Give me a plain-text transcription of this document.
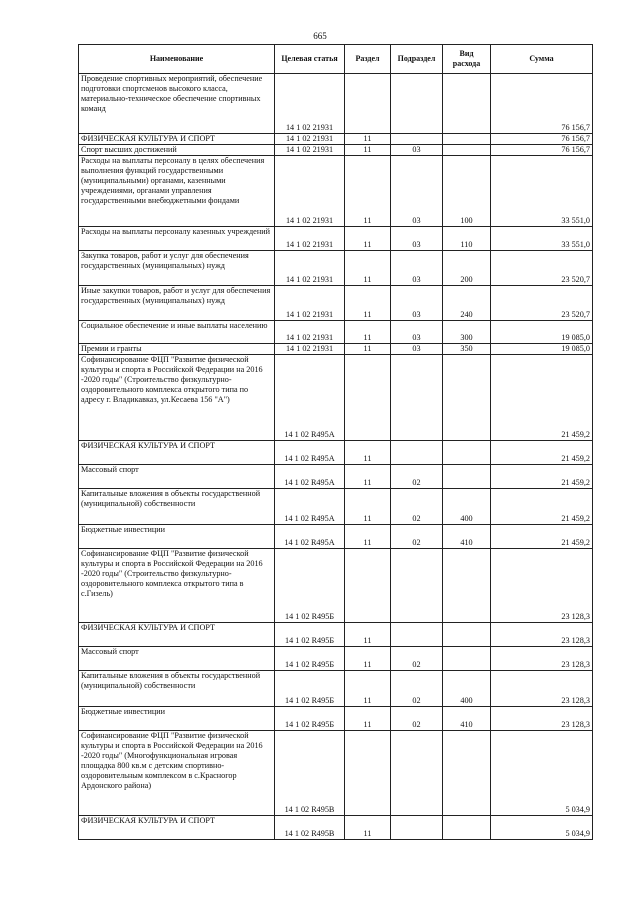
665
Наименование	Целевая статья	Раздел	Подраздел	Вид расхода	Сумма
Проведение спортивных мероприятий, обеспечение подготовки спортсменов высокого класса, материально-техническое обеспечение спортивных команд	14 1 02 21931				76 156,7
ФИЗИЧЕСКАЯ КУЛЬТУРА И СПОРТ	14 1 02 21931	11			76 156,7
Спорт высших достижений	14 1 02 21931	11	03		76 156,7
Расходы на выплаты персоналу в целях обеспечения выполнения функций государственными (муниципальными) органами, казенными учреждениями, органами управления государственными внебюджетными фондами	14 1 02 21931	11	03	100	33 551,0
Расходы на выплаты персоналу казенных учреждений	14 1 02 21931	11	03	110	33 551,0
Закупка товаров, работ и услуг для обеспечения государственных (муниципальных) нужд	14 1 02 21931	11	03	200	23 520,7
Иные закупки товаров, работ и услуг для обеспечения государственных (муниципальных) нужд	14 1 02 21931	11	03	240	23 520,7
Социальное обеспечение и иные выплаты населению	14 1 02 21931	11	03	300	19 085,0
Премии и гранты	14 1 02 21931	11	03	350	19 085,0
Софинансирование ФЦП "Развитие физической культуры и спорта в Российской Федерации на 2016 -2020 годы" (Строительство физкультурно-оздоровительного комплекса открытого типа по адресу г. Владикавказ, ул.Кесаева 156 "А")	14 1 02 R495A				21 459,2
ФИЗИЧЕСКАЯ КУЛЬТУРА И СПОРТ	14 1 02 R495A	11			21 459,2
Массовый спорт	14 1 02 R495A	11	02		21 459,2
Капитальные вложения в объекты государственной (муниципальной) собственности	14 1 02 R495A	11	02	400	21 459,2
Бюджетные инвестиции	14 1 02 R495A	11	02	410	21 459,2
Софинансирование ФЦП "Развитие физической культуры и спорта в Российской Федерации на 2016 -2020 годы" (Строительство физкультурно-оздоровительного комплекса открытого типа в с.Гизель)	14 1 02 R495Б				23 128,3
ФИЗИЧЕСКАЯ КУЛЬТУРА И СПОРТ	14 1 02 R495Б	11			23 128,3
Массовый спорт	14 1 02 R495Б	11	02		23 128,3
Капитальные вложения в объекты государственной (муниципальной) собственности	14 1 02 R495Б	11	02	400	23 128,3
Бюджетные инвестиции	14 1 02 R495Б	11	02	410	23 128,3
Софинансирование ФЦП "Развитие физической культуры и спорта в Российской Федерации на 2016 -2020 годы" (Многофункциональная игровая площадка 800 кв.м с детским спортивно-оздоровительным комплексом в с.Красногор Ардонского района)	14 1 02 R495В				5 034,9
ФИЗИЧЕСКАЯ КУЛЬТУРА И СПОРТ	14 1 02 R495В	11			5 034,9
